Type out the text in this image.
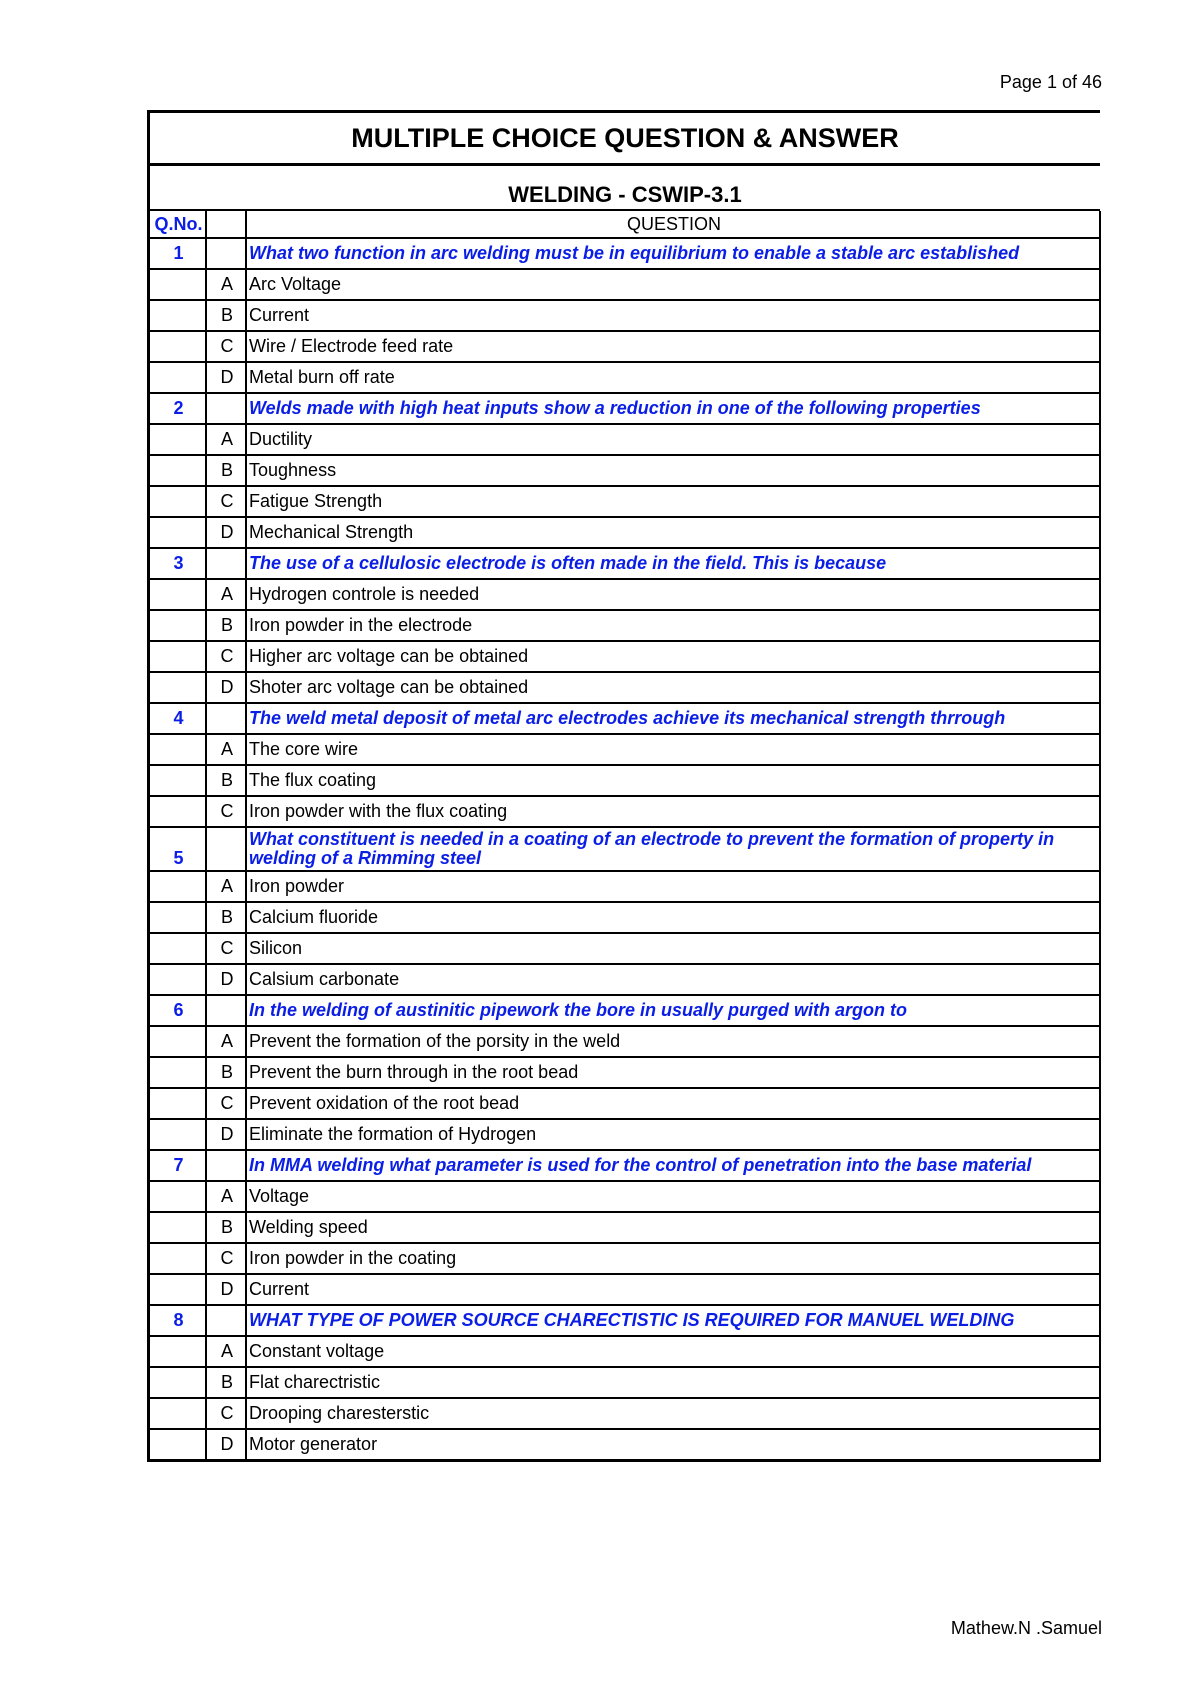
Page 1 of 46
MULTIPLE CHOICE QUESTION & ANSWER
WELDING - CSWIP-3.1
Q.No.		QUESTION
1		What two function in arc welding must be in equilibrium to enable a stable arc established
	A	Arc Voltage
	B	Current
	C	Wire / Electrode feed rate
	D	Metal burn off rate
2		Welds made with high heat inputs show a reduction in one of the following properties
	A	Ductility
	B	Toughness
	C	Fatigue Strength
	D	Mechanical Strength
3		The use of a cellulosic electrode is often made in the field. This is because
	A	Hydrogen controle is needed
	B	Iron powder in the electrode
	C	Higher arc voltage can be obtained
	D	Shoter arc voltage can be obtained
4		The weld metal deposit of metal arc electrodes achieve its mechanical strength thrrough
	A	The core wire
	B	The flux coating
	C	Iron powder with the flux coating
5		What constituent is needed in a coating of an electrode to prevent the formation of property in welding of a Rimming steel
	A	Iron powder
	B	Calcium fluoride
	C	Silicon
	D	Calsium carbonate
6		In the welding of austinitic pipework the bore in usually purged with argon to
	A	Prevent the formation of the porsity in the weld
	B	Prevent the burn through in the root bead
	C	Prevent oxidation of the root bead
	D	Eliminate the formation of Hydrogen
7		In MMA welding what parameter is used for the control of penetration into the base material
	A	Voltage
	B	Welding speed
	C	Iron powder in the coating
	D	Current
8		WHAT TYPE OF POWER SOURCE CHARECTISTIC IS REQUIRED FOR MANUEL WELDING
	A	Constant voltage
	B	Flat charectristic
	C	Drooping charesterstic
	D	Motor generator
Mathew.N .Samuel
